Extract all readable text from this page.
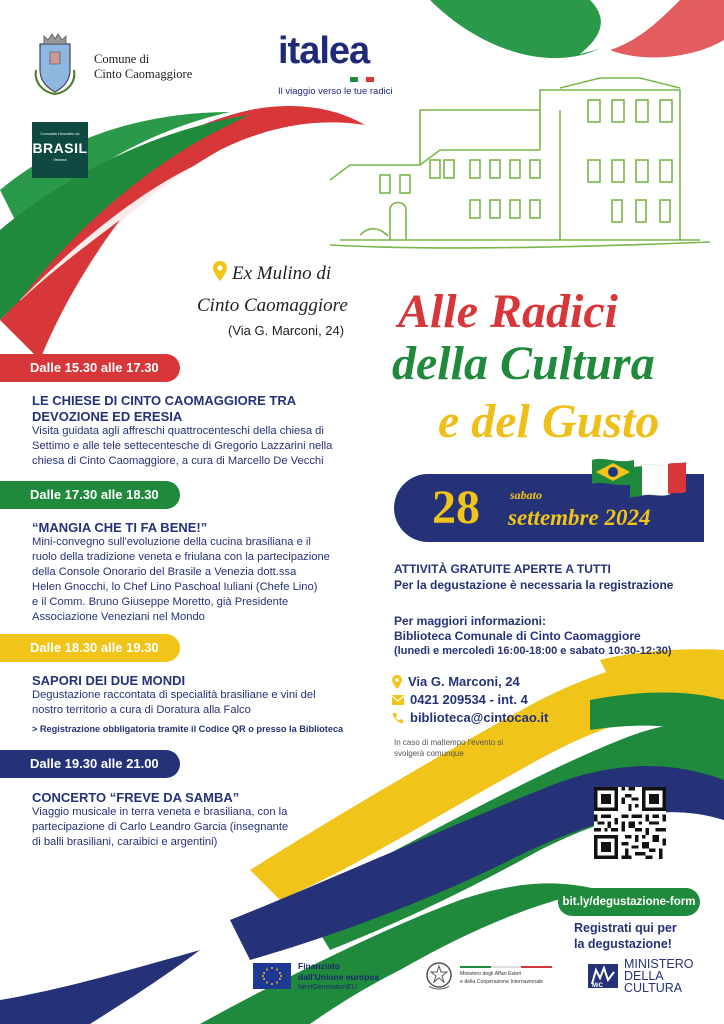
Comune di
Cinto Caomaggiore
Consolato Honorário do
BRASIL
Veneza
italea
Il viaggio verso le tue radici
Ex Mulino di
Cinto Caomaggiore
(Via G. Marconi, 24) Alle Radici
della Cultura
e del Gusto
28	sabato
settembre 2024
ATTIVITÀ GRATUITE APERTE A TUTTI
Per la degustazione è necessaria la registrazione
Per maggiori informazioni:
Biblioteca Comunale di Cinto Caomaggiore
(lunedì e mercoledì 16:00-18:00 e sabato 10:30-12:30)
Via G. Marconi, 24
0421 209534 - int. 4
biblioteca@cintocao.it
In caso di maltempo l'evento si
svolgerà comunque
Dalle 15.30 alle 17.30
LE CHIESE DI CINTO CAOMAGGIORE TRA
DEVOZIONE ED ERESIA
Visita guidata agli affreschi quattrocenteschi della chiesa di
Settimo e alle tele settecentesche di Gregorio Lazzarini nella
chiesa di Cinto Caomaggiore, a cura di Marcello De Vecchi
Dalle 17.30 alle 18.30
“MANGIA CHE TI FA BENE!”
Mini-convegno sull'evoluzione della cucina brasiliana e il
ruolo della tradizione veneta e friulana con la partecipazione
della Console Onorario del Brasile a Venezia dott.ssa
Helen Gnocchi, lo Chef Lino Paschoal Iuliani (Chefe Lino)
e il Comm. Bruno Giuseppe Moretto, già Presidente
Associazione Veneziani nel Mondo
Dalle 18.30 alle 19.30
SAPORI DEI DUE MONDI
Degustazione raccontata di specialità brasiliane e vini del
nostro territorio a cura di Doratura alla Falco
> Registrazione obbligatoria tramite il Codice QR o presso la Biblioteca
Dalle 19.30 alle 21.00
CONCERTO “FREVE DA SAMBA”
Viaggio musicale in terra veneta e brasiliana, con la
partecipazione di Carlo Leandro Garcia (insegnante
di balli brasiliani, caraibici e argentini)
bit.ly/degustazione-form
Registrati qui per
la degustazione!
Finanziato
dall'Unione europea
NextGenerationEU
Ministero degli Affari Esteri
e della Cooperazione Internazionale
MiC
MINISTERO
DELLA
CULTURA
